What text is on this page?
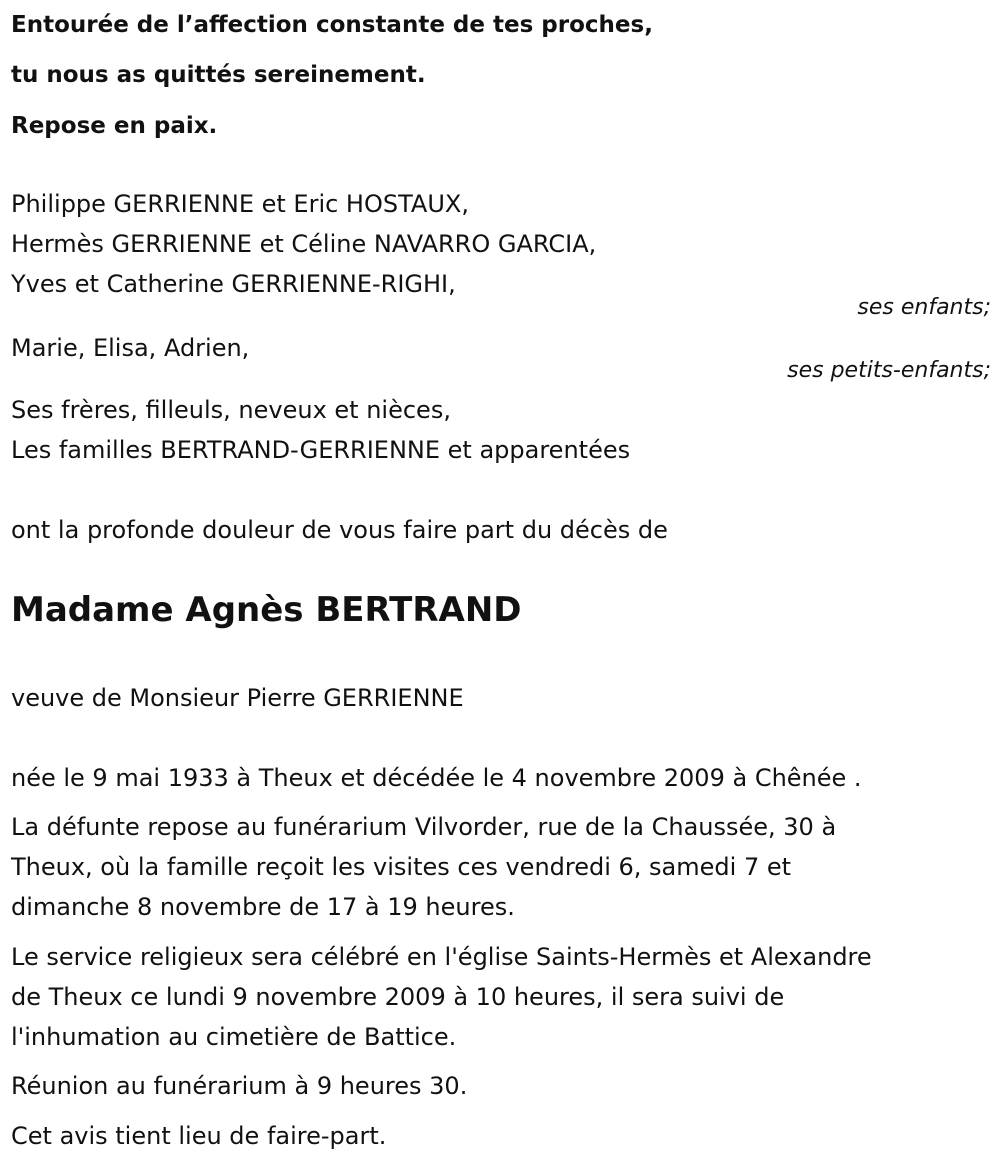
Entourée de l’affection constante de tes proches,
tu nous as quittés sereinement.
Repose en paix.
Philippe GERRIENNE et Eric HOSTAUX,
Hermès GERRIENNE et Céline NAVARRO GARCIA,
Yves et Catherine GERRIENNE-RIGHI,
ses enfants;
Marie, Elisa, Adrien,
ses petits-enfants;
Ses frères, filleuls, neveux et nièces,
Les familles BERTRAND-GERRIENNE et apparentées
ont la profonde douleur de vous faire part du décès de
Madame Agnès BERTRAND
veuve de Monsieur Pierre GERRIENNE
née le 9 mai 1933 à Theux et décédée le 4 novembre 2009 à Chênée .
La défunte repose au funérarium Vilvorder, rue de la Chaussée, 30 à
Theux, où la famille reçoit les visites ces vendredi 6, samedi 7 et
dimanche 8 novembre de 17 à 19 heures.
Le service religieux sera célébré en l'église Saints-Hermès et Alexandre
de Theux ce lundi 9 novembre 2009 à 10 heures, il sera suivi de
l'inhumation au cimetière de Battice.
Réunion au funérarium à 9 heures 30.
Cet avis tient lieu de faire-part.
